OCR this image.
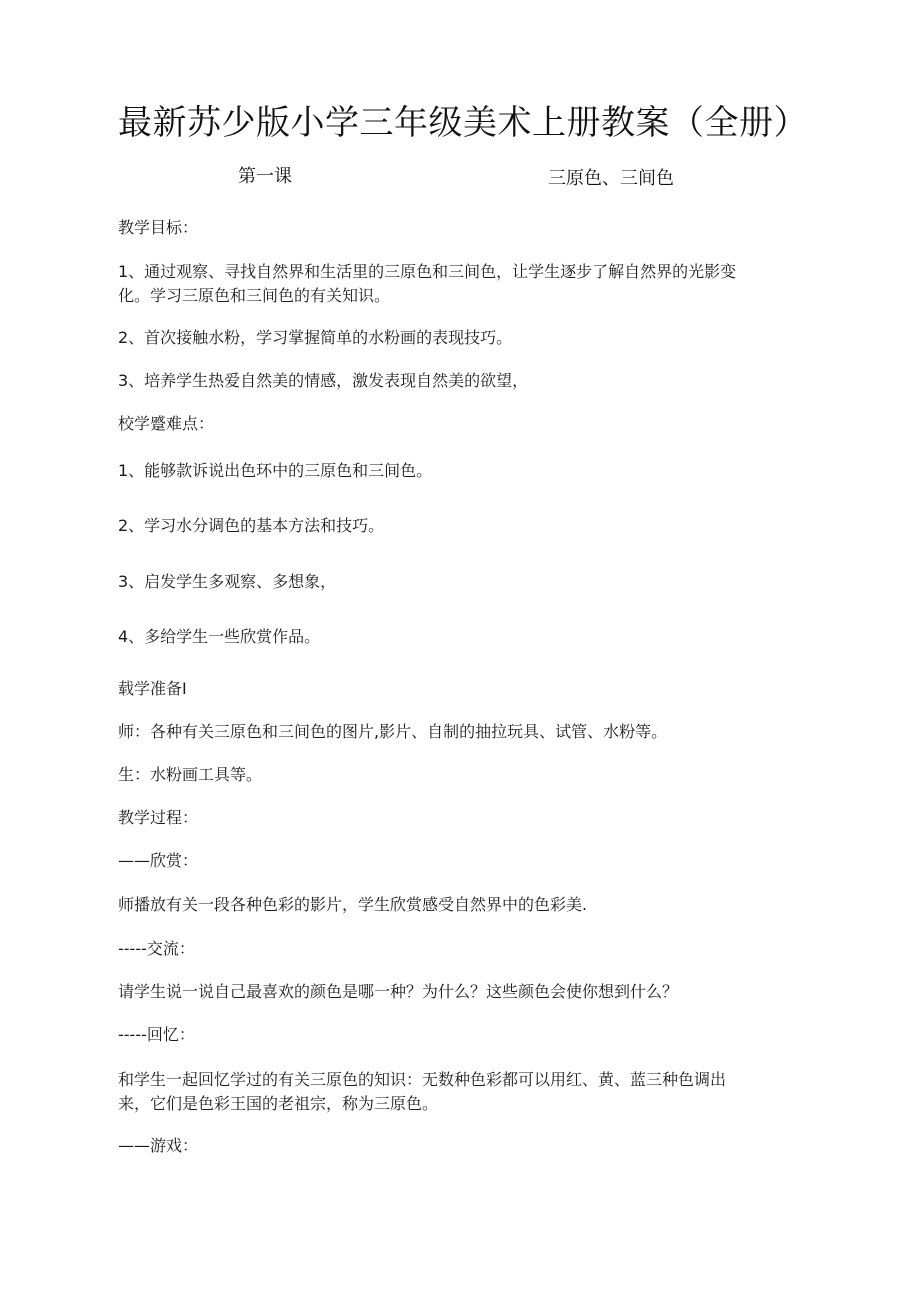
最新苏少版小学三年级美术上册教案（全册）
第一课	三原色、三间色
教学目标：
1、通过观察、寻找自然界和生活里的三原色和三间色，让学生逐步了解自然界的光影变
化。学习三原色和三间色的有关知识。
2、首次接触水粉，学习掌握简单的水粉画的表现技巧。
3、培养学生热爱自然美的情感，激发表现自然美的欲望，
校学蹙难点：
1、能够款诉说出色环中的三原色和三间色。
2、学习水分调色的基本方法和技巧。
3、启发学生多观察、多想象，
4、多给学生一些欣赏作品。
载学准备I
师：各种有关三原色和三间色的图片,影片、自制的抽拉玩具、试管、水粉等。
生：水粉画工具等。
教学过程：
——欣赏：
师播放有关一段各种色彩的影片，学生欣赏感受自然界中的色彩美.
-----交流：
请学生说一说自己最喜欢的颜色是哪一种？为什么？这些颜色会使你想到什么？
-----回忆：
和学生一起回忆学过的有关三原色的知识：无数种色彩都可以用红、黄、蓝三种色调出
来，它们是色彩王国的老祖宗，称为三原色。
——游戏：
